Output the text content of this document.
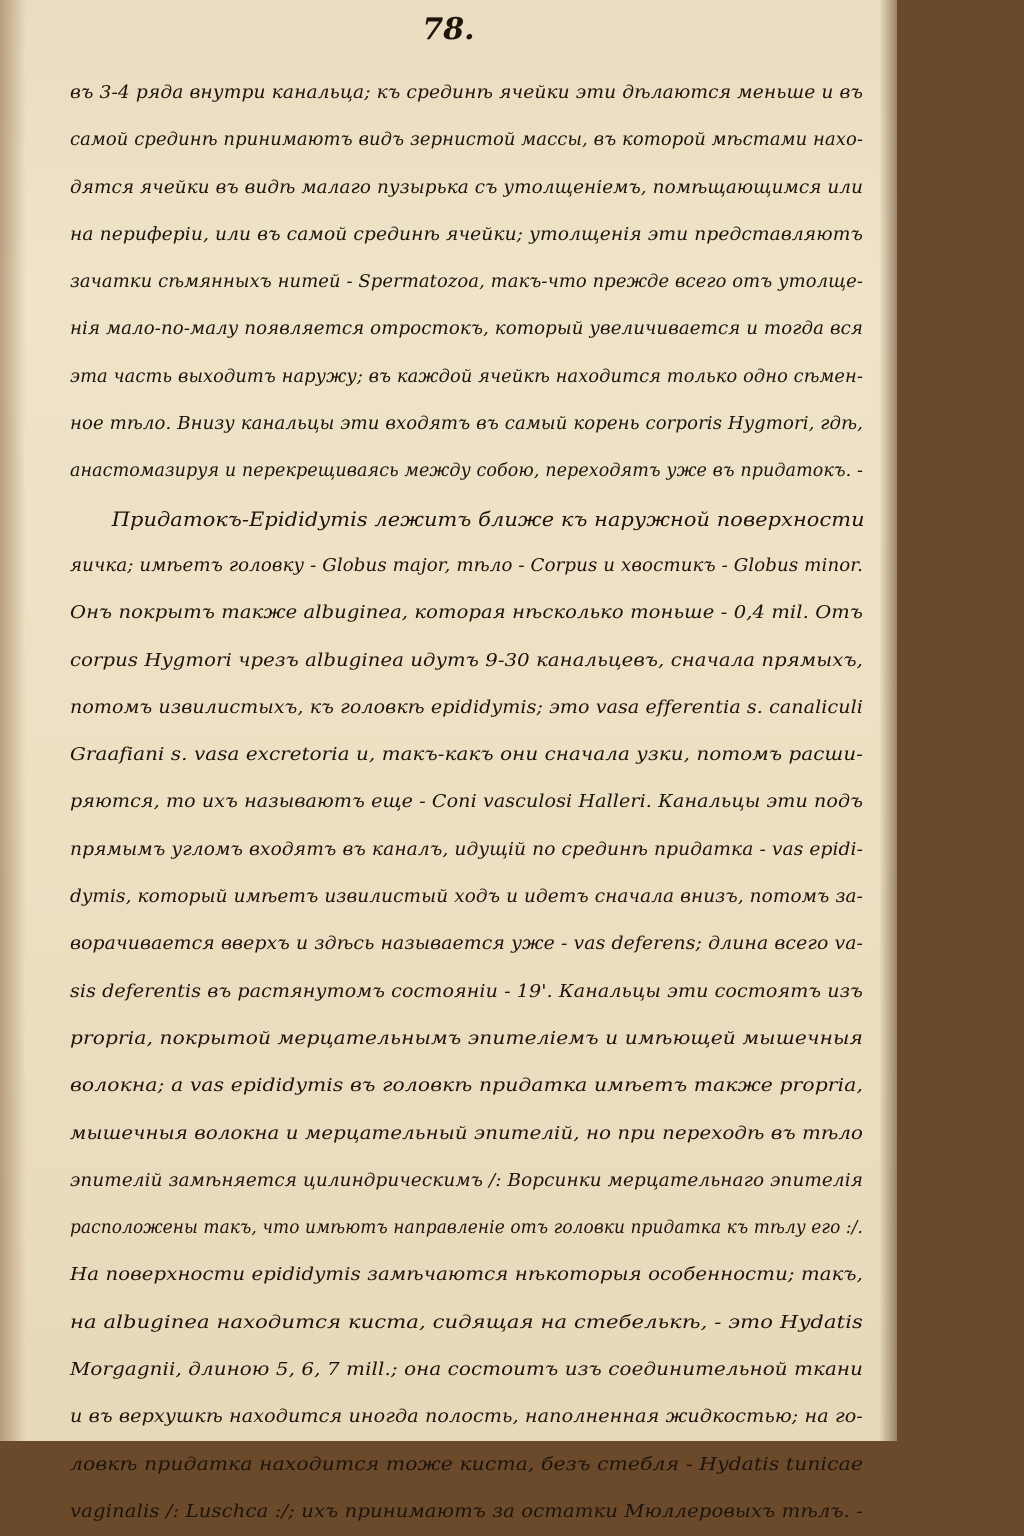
78.
въ 3-4 ряда внутри канальца; къ срединѣ ячейки эти дѣлаются меньше и въ
самой срединѣ принимаютъ видъ зернистой массы, въ которой мѣстами нахо-
дятся ячейки въ видѣ малаго пузырька съ утолщеніемъ, помѣщающимся или
на периферіи, или въ самой срединѣ ячейки; утолщенія эти представляютъ
зачатки сѣмянныхъ нитей - Spermatozoa, такъ-что прежде всего отъ утолще-
нія мало-по-малу появляется отростокъ, который увеличивается и тогда вся
эта часть выходитъ наружу; въ каждой ячейкѣ находится только одно сѣмен-
ное тѣло. Внизу канальцы эти входятъ въ самый корень corporis Hygmori, гдѣ,
анастомазируя и перекрещиваясь между собою, переходятъ уже въ придатокъ. -
Придатокъ-Epididymis лежитъ ближе къ наружной поверхности
яичка; имѣетъ головку - Globus major, тѣло - Corpus и хвостикъ - Globus minor.
Онъ покрытъ также albuginea, которая нѣсколько тоньше - 0,4 mil. Отъ
corpus Hygmori чрезъ albuginea идутъ 9-30 канальцевъ, сначала прямыхъ,
потомъ извилистыхъ, къ головкѣ epididymis; это vasa efferentia s. canaliculi
Graafiani s. vasa excretoria и, такъ-какъ они сначала узки, потомъ расши-
ряются, то ихъ называютъ еще - Coni vasculosi Halleri. Канальцы эти подъ
прямымъ угломъ входятъ въ каналъ, идущій по срединѣ придатка - vas epidi-
dymis, который имѣетъ извилистый ходъ и идетъ сначала внизъ, потомъ за-
ворачивается вверхъ и здѣсь называется уже - vas deferens; длина всего va-
sis deferentis въ растянутомъ состояніи - 19'. Канальцы эти состоятъ изъ
propria, покрытой мерцательнымъ эпителіемъ и имѣющей мышечныя
волокна; а vas epididymis въ головкѣ придатка имѣетъ также propria,
мышечныя волокна и мерцательный эпителій, но при переходѣ въ тѣло
эпителій замѣняется цилиндрическимъ /: Ворсинки мерцательнаго эпителія
расположены такъ, что имѣютъ направленіе отъ головки придатка къ тѣлу его :/.
На поверхности epididymis замѣчаются нѣкоторыя особенности; такъ,
на albuginea находится киста, сидящая на стебелькѣ, - это Hydatis
Morgagnii, длиною 5, 6, 7 mill.; она состоитъ изъ соединительной ткани
и въ верхушкѣ находится иногда полость, наполненная жидкостью; на го-
ловкѣ придатка находится тоже киста, безъ стебля - Hydatis tunicae
vaginalis /: Luschca :/; ихъ принимаютъ за остатки Мюллеровыхъ тѣлъ. -
